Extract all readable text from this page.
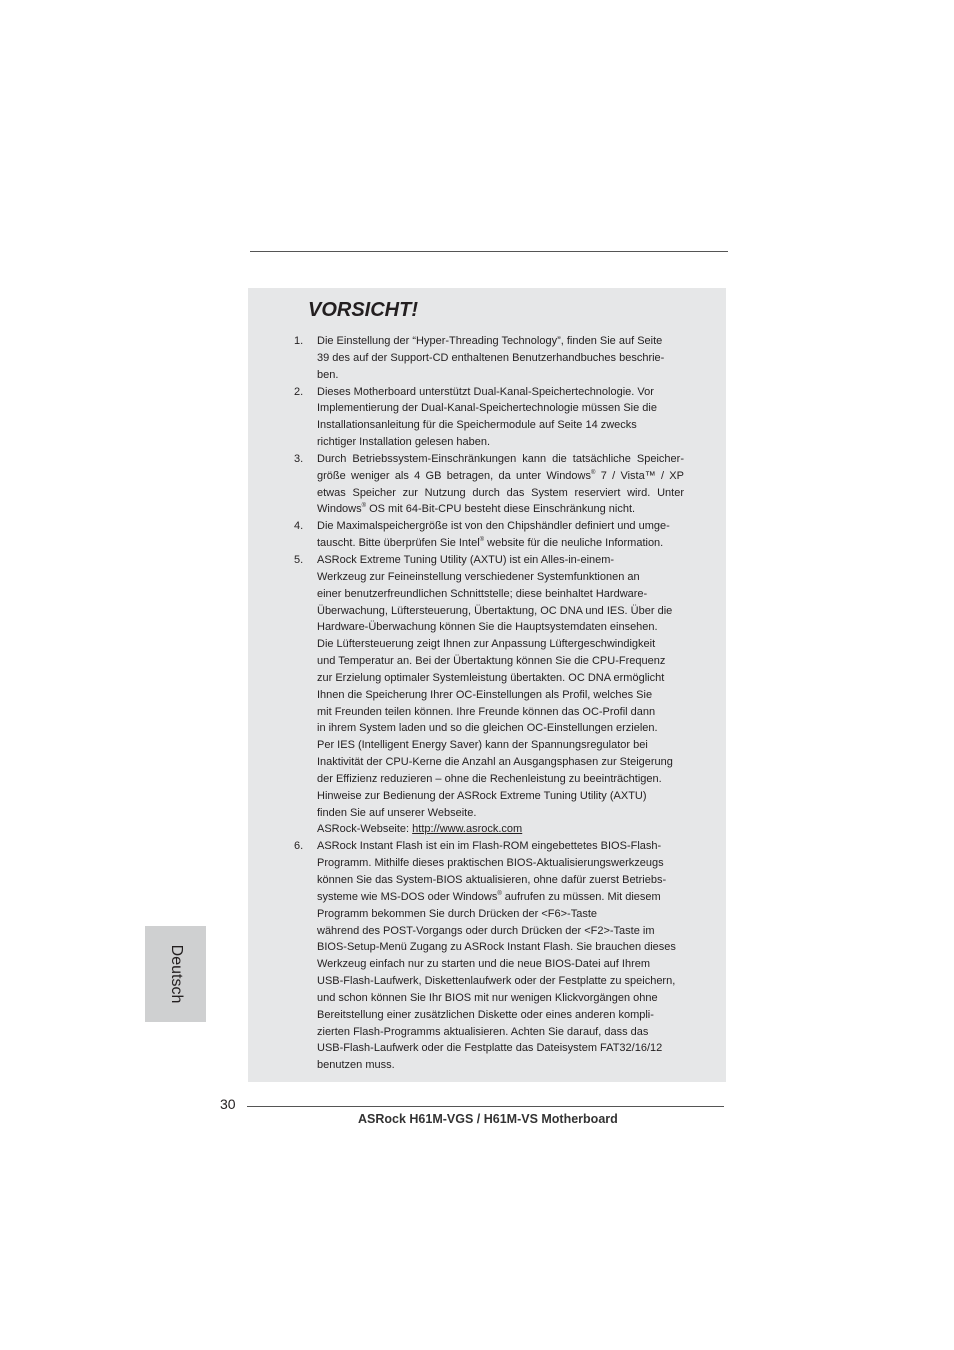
VORSICHT!
1. Die Einstellung der “Hyper-Threading Technology”, finden Sie auf Seite
39 des auf der Support-CD enthaltenen Benutzerhandbuches beschrie-
ben.
2. Dieses Motherboard unterstützt Dual-Kanal-Speichertechnologie. Vor
Implementierung der Dual-Kanal-Speichertechnologie müssen Sie die
Installationsanleitung für die Speichermodule auf Seite 14 zwecks
richtiger Installation gelesen haben.
3. Durch Betriebssystem-Einschränkungen kann die tatsächliche Speicher-
größe weniger als 4 GB betragen, da unter Windows® 7 / Vista™ / XP
etwas Speicher zur Nutzung durch das System reserviert wird. Unter
Windows® OS mit 64-Bit-CPU besteht diese Einschränkung nicht.
4. Die Maximalspeichergröße ist von den Chipshändler definiert und umge-
tauscht. Bitte überprüfen Sie Intel® website für die neuliche Information.
5. ASRock Extreme Tuning Utility (AXTU) ist ein Alles-in-einem-
Werkzeug zur Feineinstellung verschiedener Systemfunktionen an
einer benutzerfreundlichen Schnittstelle; diese beinhaltet Hardware-
Überwachung, Lüftersteuerung, Übertaktung, OC DNA und IES. Über die
Hardware-Überwachung können Sie die Hauptsystemdaten einsehen.
Die Lüftersteuerung zeigt Ihnen zur Anpassung Lüftergeschwindigkeit
und Temperatur an. Bei der Übertaktung können Sie die CPU-Frequenz
zur Erzielung optimaler Systemleistung übertakten. OC DNA ermöglicht
Ihnen die Speicherung Ihrer OC-Einstellungen als Profil, welches Sie
mit Freunden teilen können. Ihre Freunde können das OC-Profil dann
in ihrem System laden und so die gleichen OC-Einstellungen erzielen.
Per IES (Intelligent Energy Saver) kann der Spannungsregulator bei
Inaktivität der CPU-Kerne die Anzahl an Ausgangsphasen zur Steigerung
der Effizienz reduzieren – ohne die Rechenleistung zu beeinträchtigen.
Hinweise zur Bedienung der ASRock Extreme Tuning Utility (AXTU)
finden Sie auf unserer Webseite.
ASRock-Webseite: http://www.asrock.com
6. ASRock Instant Flash ist ein im Flash-ROM eingebettetes BIOS-Flash-
Programm. Mithilfe dieses praktischen BIOS-Aktualisierungswerkzeugs
können Sie das System-BIOS aktualisieren, ohne dafür zuerst Betriebs-
systeme wie MS-DOS oder Windows® aufrufen zu müssen. Mit diesem
Programm bekommen Sie durch Drücken der <F6>-Taste
während des POST-Vorgangs oder durch Drücken der <F2>-Taste im
BIOS-Setup-Menü Zugang zu ASRock Instant Flash. Sie brauchen dieses
Werkzeug einfach nur zu starten und die neue BIOS-Datei auf Ihrem
USB-Flash-Laufwerk, Diskettenlaufwerk oder der Festplatte zu speichern,
und schon können Sie Ihr BIOS mit nur wenigen Klickvorgängen ohne
Bereitstellung einer zusätzlichen Diskette oder eines anderen kompli-
zierten Flash-Programms aktualisieren. Achten Sie darauf, dass das
USB-Flash-Laufwerk oder die Festplatte das Dateisystem FAT32/16/12
benutzen muss.
Deutsch
30
ASRock H61M-VGS / H61M-VS Motherboard
